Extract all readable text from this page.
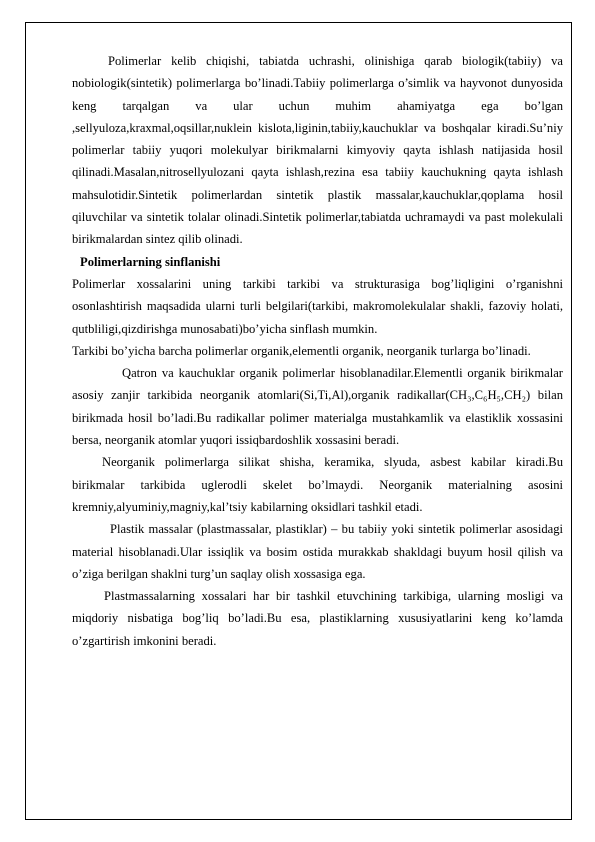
Polimerlar kelib chiqishi, tabiatda uchrashi, olinishiga qarab biologik(tabiiy) va nobiologik(sintetik) polimerlarga bo’linadi.Tabiiy polimerlarga o’simlik va hayvonot dunyosida keng tarqalgan va ular uchun muhim ahamiyatga ega bo’lgan ,sellyuloza,kraxmal,oqsillar,nuklein kislota,liginin,tabiiy,kauchuklar va boshqalar kiradi.Su’niy polimerlar tabiiy yuqori molekulyar birikmalarni kimyoviy qayta ishlash natijasida hosil qilinadi.Masalan,nitrosellyulozani qayta ishlash,rezina esa tabiiy kauchukning qayta ishlash mahsulotidir.Sintetik polimerlardan sintetik plastik massalar,kauchuklar,qoplama hosil qiluvchilar va sintetik tolalar olinadi.Sintetik polimerlar,tabiatda uchramaydi va past molekulali birikmalardan sintez qilib olinadi.

Polimerlarning sinflanishi

Polimerlar xossalarini uning tarkibi tarkibi va strukturasiga bog’liqligini o’rganishni osonlashtirish maqsadida ularni turli belgilari(tarkibi, makromolekulalar shakli, fazoviy holati, qutbliligi,qizdirishga munosabati)bo’yicha sinflash mumkin.

Tarkibi bo’yicha barcha polimerlar organik,elementli organik, neorganik turlarga bo’linadi.

Qatron va kauchuklar organik polimerlar hisoblanadilar.Elementli organik birikmalar asosiy zanjir tarkibida neorganik atomlari(Si,Ti,Al),organik radikallar(CH₃,C₆H₅,CH₂) bilan birikmada hosil bo’ladi.Bu radikallar polimer materialga mustahkamlik va elastiklik xossasini bersa, neorganik atomlar yuqori issiqbardoshlik xossasini beradi.

Neorganik polimerlarga silikat shisha, keramika, slyuda, asbest kabilar kiradi.Bu birikmalar tarkibida uglerodli skelet bo’lmaydi. Neorganik materialning asosini kremniy,alyuminiy,magniy,kal’tsiy kabilarning oksidlari tashkil etadi.

Plastik massalar (plastmassalar, plastiklar) – bu tabiiy yoki sintetik polimerlar asosidagi material hisoblanadi.Ular issiqlik va bosim ostida murakkab shakldagi buyum hosil qilish va o’ziga berilgan shaklni turg’un saqlay olish xossasiga ega.

Plastmassalarning xossalari har bir tashkil etuvchining tarkibiga, ularning mosligi va miqdoriy nisbatiga bog’liq bo’ladi.Bu esa, plastiklarning xususiyatlarini keng ko’lamda o’zgartirish imkonini beradi.
